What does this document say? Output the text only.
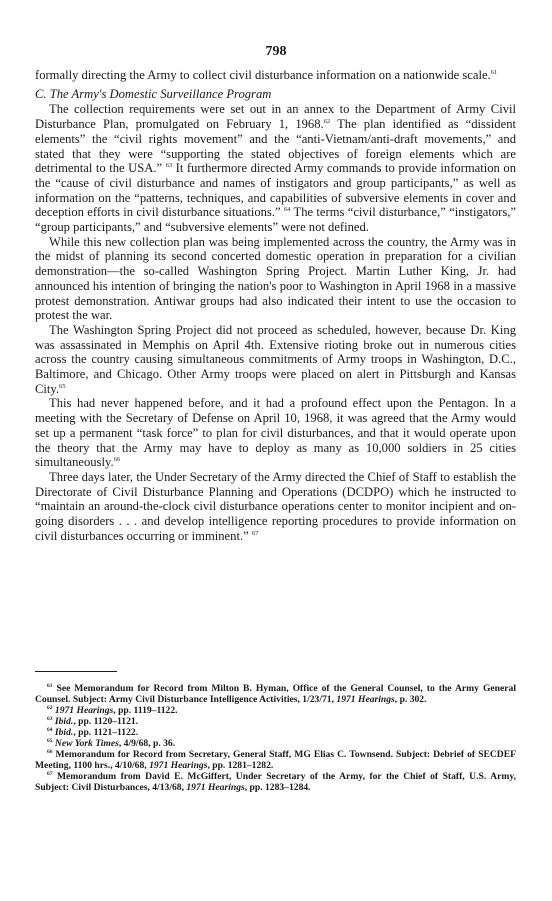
798

formally directing the Army to collect civil disturbance information on a nationwide scale.$^{61}$

C. The Army's Domestic Surveillance Program

The collection requirements were set out in an annex to the Department of Army Civil Disturbance Plan, promulgated on February 1, 1968.62 The plan identified as “dissident elements” the “civil rights movement” and the “anti-Vietnam/anti-draft movements,” and stated that they were “supporting the stated objectives of foreign elements which are detrimental to the USA.” $^{63}$ It furthermore directed Army commands to provide information on the “cause of civil disturbance and names of instigators and group participants,” as well as information on the “patterns, techniques, and capabilities of subversive elements in cover and deception efforts in civil disturbance situations.” $^{64}$ The terms “civil disturbance,” “instigators,” “group participants,” and “subversive elements” were not defined.

While this new collection plan was being implemented across the country, the Army was in the midst of planning its second concerted domestic operation in preparation for a civilian demonstration—the so-called Washington Spring Project. Martin Luther King, Jr. had announced his intention of bringing the nation's poor to Washington in April 1968 in a massive protest demonstration. Antiwar groups had also indicated their intent to use the occasion to protest the war.

The Washington Spring Project did not proceed as scheduled, however, because Dr. King was assassinated in Memphis on April 4th. Extensive rioting broke out in numerous cities across the country causing simultaneous commitments of Army troops in Washington, D.C., Baltimore, and Chicago. Other Army troops were placed on alert in Pittsburgh and Kansas City.$^{65}$

This had never happened before, and it had a profound effect upon the Pentagon. In a meeting with the Secretary of Defense on April 10, 1968, it was agreed that the Army would set up a permanent “task force” to plan for civil disturbances, and that it would operate upon the theory that the Army may have to deploy as many as 10,000 soldiers in 25 cities simultaneously.$^{66}$

Three days later, the Under Secretary of the Army directed the Chief of Staff to establish the Directorate of Civil Disturbance Planning and Operations (DCDPO) which he instructed to “maintain an around-the-clock civil disturbance operations center to monitor incipient and on-going disorders . . . and develop intelligence reporting procedures to provide information on civil disturbances occurring or imminent.” $^{67}$

$^{61}$ See Memorandum for Record from Milton B. Hyman, Office of the General Counsel, to the Army General Counsel. Subject: Army Civil Disturbance Intelligence Activities, 1/23/71, 1971 Hearings, p. 302.

$^{62}$ 1971 Hearings, pp. 1119–1122.

$^{63}$ Ibid., pp. 1120–1121.

$^{64}$ Ibid., pp. 1121–1122.

$^{65}$ New York Times, 4/9/68, p. 36.

$^{66}$ Memorandum for Record from Secretary, General Staff, MG Elias C. Townsend. Subject: Debrief of SECDEF Meeting, 1100 hrs., 4/10/68, 1971 Hearings, pp. 1281–1282.

$^{67}$ Memorandum from David E. McGiffert, Under Secretary of the Army, for the Chief of Staff, U.S. Army, Subject: Civil Disturbances, 4/13/68, 1971 Hearings, pp. 1283–1284.
